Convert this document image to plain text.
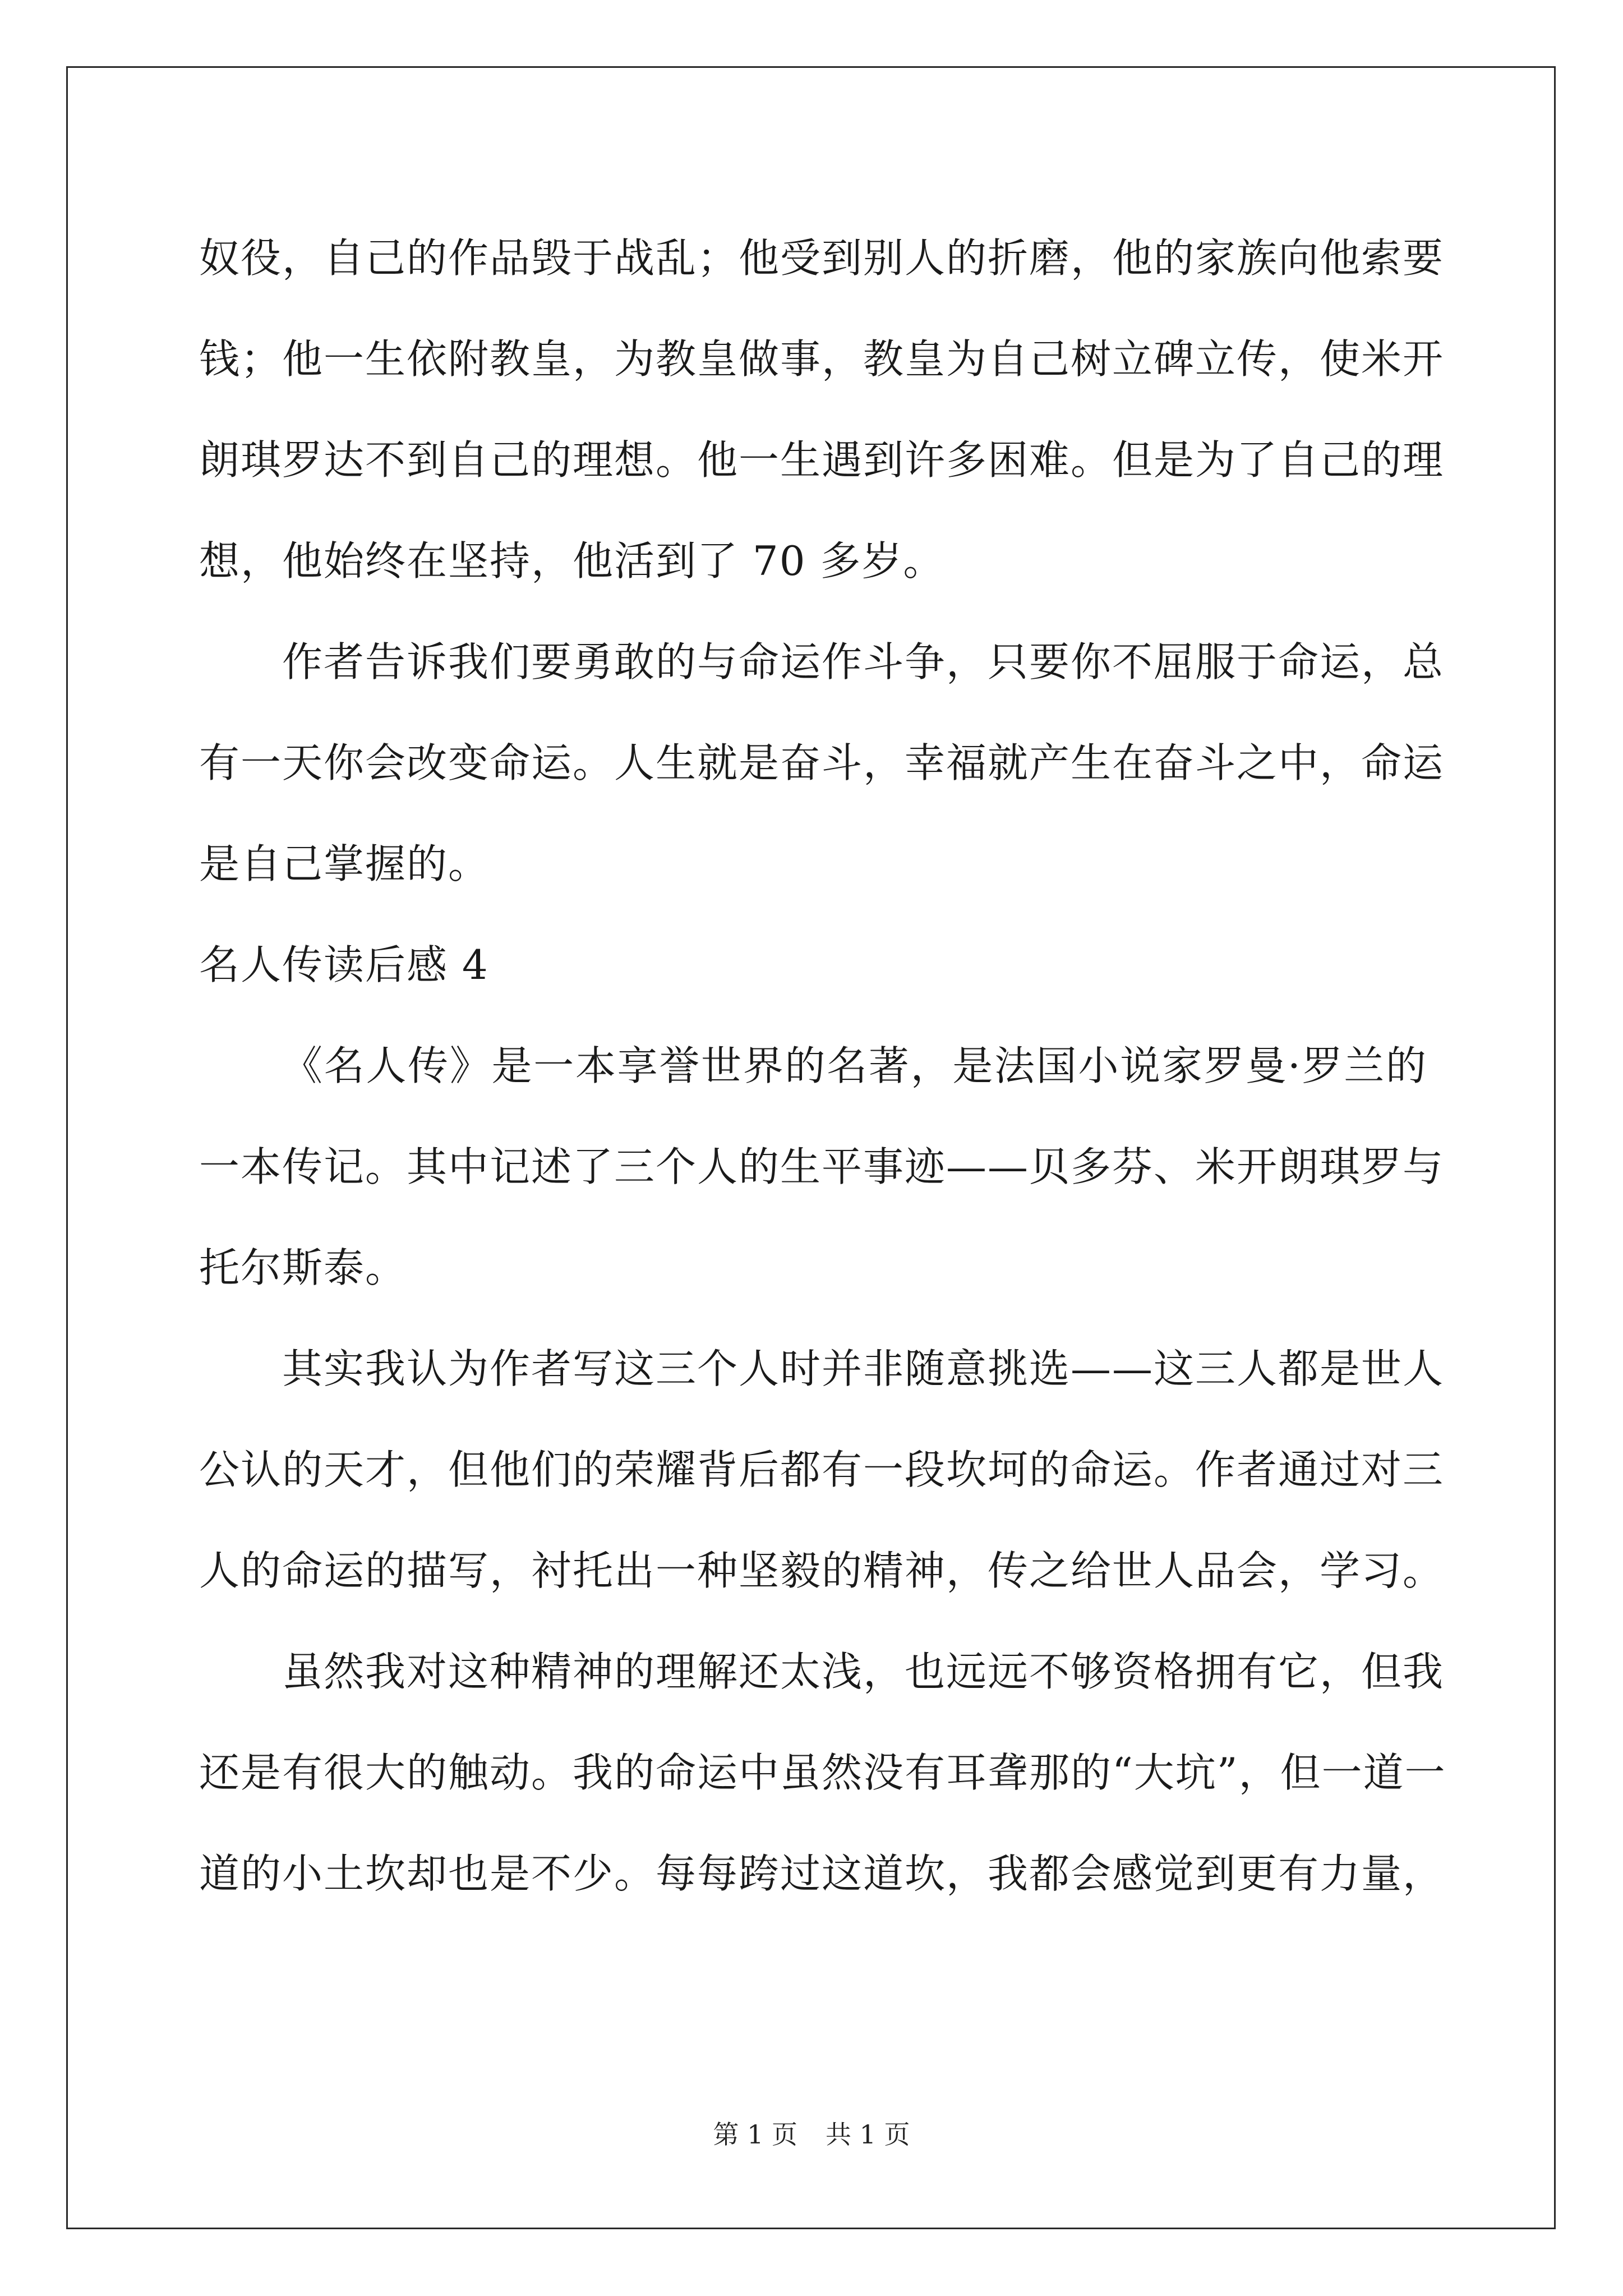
奴役，自己的作品毁于战乱；他受到别人的折磨，他的家族向他索要
钱；他一生依附教皇，为教皇做事，教皇为自己树立碑立传，使米开
朗琪罗达不到自己的理想。他一生遇到许多困难。但是为了自己的理
想，他始终在坚持，他活到了 70 多岁。
作者告诉我们要勇敢的与命运作斗争，只要你不屈服于命运，总
有一天你会改变命运。人生就是奋斗，幸福就产生在奋斗之中，命运
是自己掌握的。
名人传读后感 4
《名人传》是一本享誉世界的名著，是法国小说家罗曼·罗兰的
一本传记。其中记述了三个人的生平事迹——贝多芬、米开朗琪罗与
托尔斯泰。
其实我认为作者写这三个人时并非随意挑选——这三人都是世人
公认的天才，但他们的荣耀背后都有一段坎坷的命运。作者通过对三
人的命运的描写，衬托出一种坚毅的精神，传之给世人品会，学习。
虽然我对这种精神的理解还太浅，也远远不够资格拥有它，但我
还是有很大的触动。我的命运中虽然没有耳聋那的“大坑”，但一道一
道的小土坎却也是不少。每每跨过这道坎，我都会感觉到更有力量，
第 1 页 共 1 页
